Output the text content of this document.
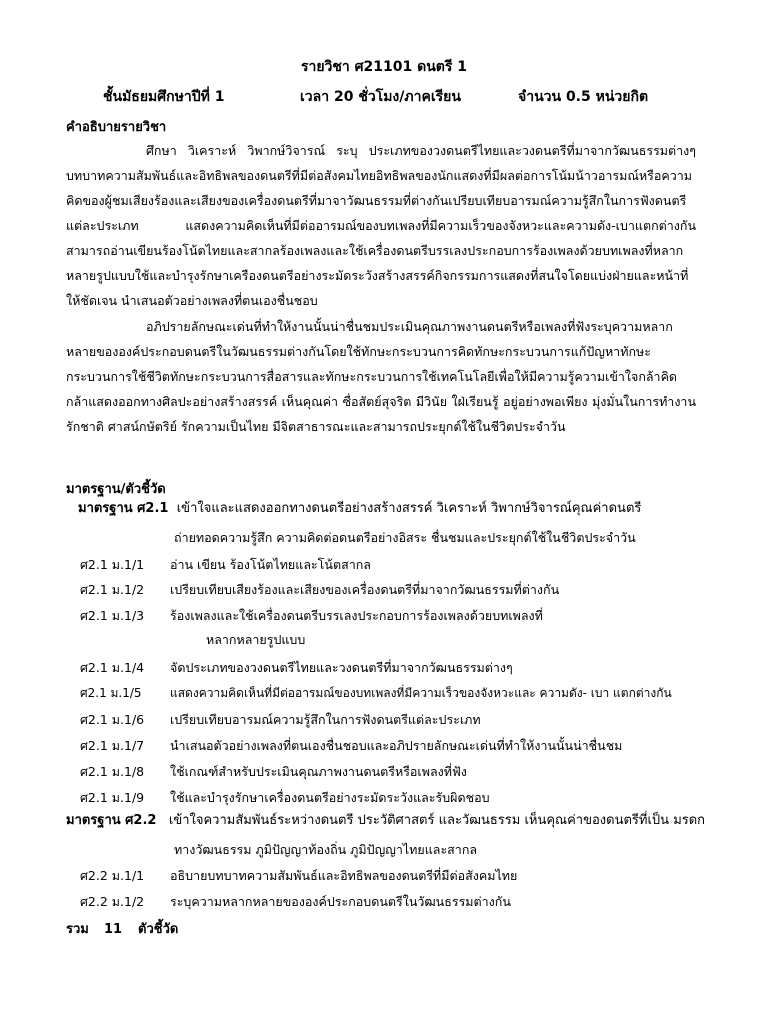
รายวิชา ศ21101 ดนตรี 1
ชั้นมัธยมศึกษาปีที่ 1	เวลา 20 ชั่วโมง/ภาคเรียน	จำนวน 0.5 หน่วยกิต
คำอธิบายรายวิชา

ศึกษา วิเคราะห์ วิพากษ์วิจารณ์ ระบุ ประเภทของวงดนตรีไทยและวงดนตรีที่มาจากวัฒนธรรมต่างๆ บทบาทความสัมพันธ์และอิทธิพลของดนตรีที่มีต่อสังคมไทยอิทธิพลของนักแสดงที่มีผลต่อการโน้มน้าวอารมณ์หรือความคิดของผู้ชมเสียงร้องและเสียงของเครื่องดนตรีที่มาจาวัฒนธรรมที่ต่างกันเปรียบเทียบอารมณ์ความรู้สึกในการฟังดนตรีแต่ละประเภท แสดงความคิดเห็นที่มีต่ออารมณ์ของบทเพลงที่มีความเร็วของจังหวะและความดัง-เบาแตกต่างกัน สามารถอ่านเขียนร้องโน้ตไทยและสากลร้องเพลงและใช้เครื่องดนตรีบรรเลงประกอบการร้องเพลงด้วยบทเพลงที่หลากหลายรูปแบบใช้และบำรุงรักษาเครืองดนตรีอย่างระมัดระวังสร้างสรรค์กิจกรรมการแสดงที่สนใจโดยแบ่งฝ่ายและหน้าที่ให้ชัดเจน นำเสนอตัวอย่างเพลงที่ตนเองชื่นชอบ

อภิปรายลักษณะเด่นที่ทำให้งานนั้นน่าชื่นชมประเมินคุณภาพงานดนตรีหรือเพลงที่ฟังระบุความหลากหลายขององค์ประกอบดนตรีในวัฒนธรรมต่างกันโดยใช้ทักษะกระบวนการคิดทักษะกระบวนการแก้ปัญหาทักษะกระบวนการใช้ชีวิตทักษะกระบวนการสื่อสารและทักษะกระบวนการใช้เทคโนโลยีเพื่อให้มีความรู้ความเข้าใจกล้าคิดกล้าแสดงออกทางศิลปะอย่างสร้างสรรค์ เห็นคุณค่า ซื่อสัตย์สุจริต มีวินัย ใฝ่เรียนรู้ อยู่อย่างพอเพียง มุ่งมั่นในการทำงาน รักชาติ ศาสน์กษัตริย์ รักความเป็นไทย มีจิตสาธารณะและสามารถประยุกต์ใช้ในชีวิตประจำวัน

มาตรฐาน/ตัวชี้วัด
มาตรฐาน ศ2.1 เข้าใจและแสดงออกทางดนตรีอย่างสร้างสรรค์ วิเคราะห์ วิพากษ์วิจารณ์คุณค่าดนตรี
ถ่ายทอดความรู้สึก ความคิดต่อดนตรีอย่างอิสระ ชื่นชมและประยุกต์ใช้ในชีวิตประจำวัน
ศ2.1 ม.1/1 อ่าน เขียน ร้องโน้ตไทยและโน้ตสากล
ศ2.1 ม.1/2 เปรียบเทียบเสียงร้องและเสียงของเครื่องดนตรีที่มาจากวัฒนธรรมที่ต่างกัน
ศ2.1 ม.1/3 ร้องเพลงและใช้เครื่องดนตรีบรรเลงประกอบการร้องเพลงด้วยบทเพลงที่
หลากหลายรูปแบบ
ศ2.1 ม.1/4 จัดประเภทของวงดนตรีไทยและวงดนตรีที่มาจากวัฒนธรรมต่างๆ
ศ2.1 ม.1/5 แสดงความคิดเห็นที่มีต่ออารมณ์ของบทเพลงที่มีความเร็วของจังหวะและ ความดัง- เบา แตกต่างกัน
ศ2.1 ม.1/6 เปรียบเทียบอารมณ์ความรู้สึกในการฟังดนตรีแต่ละประเภท
ศ2.1 ม.1/7 นำเสนอตัวอย่างเพลงที่ตนเองชื่นชอบและอภิปรายลักษณะเด่นที่ทำให้งานนั้นน่าชื่นชม
ศ2.1 ม.1/8 ใช้เกณฑ์สำหรับประเมินคุณภาพงานดนตรีหรือเพลงที่ฟัง
ศ2.1 ม.1/9 ใช้และบำรุงรักษาเครื่องดนตรีอย่างระมัดระวังและรับผิดชอบ
มาตรฐาน ศ2.2 เข้าใจความสัมพันธ์ระหว่างดนตรี ประวัติศาสตร์ และวัฒนธรรม เห็นคุณค่าของดนตรีที่เป็น มรดก
ทางวัฒนธรรม ภูมิปัญญาท้องถิ่น ภูมิปัญญาไทยและสากล
ศ2.2 ม.1/1 อธิบายบทบาทความสัมพันธ์และอิทธิพลของดนตรีที่มีต่อสังคมไทย
ศ2.2 ม.1/2 ระบุความหลากหลายขององค์ประกอบดนตรีในวัฒนธรรมต่างกัน
รวม 11 ตัวชี้วัด
